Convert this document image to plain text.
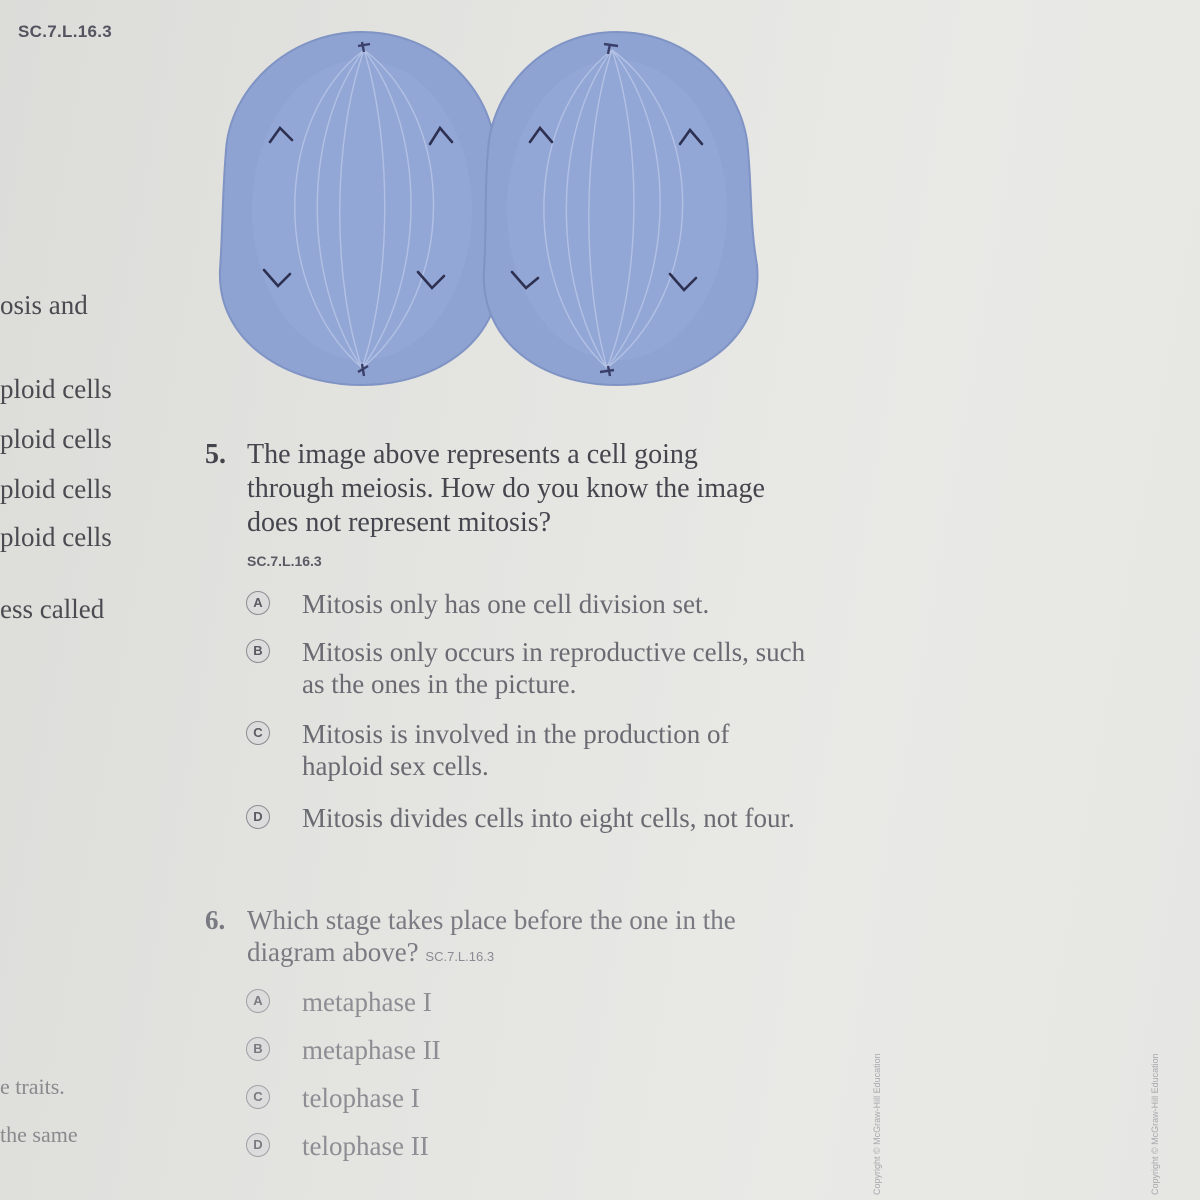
SC.7.L.16.3
osis and
ploid cells
ploid cells
ploid cells
ploid cells
ess called
e traits.
the same
5. The image above represents a cell going through meiosis. How do you know the image does not represent mitosis?
SC.7.L.16.3
A Mitosis only has one cell division set.
B Mitosis only occurs in reproductive cells, such as the ones in the picture.
C Mitosis is involved in the production of haploid sex cells.
D Mitosis divides cells into eight cells, not four.
6. Which stage takes place before the one in the diagram above? SC.7.L.16.3
A metaphase I
B metaphase II
C telophase I
D telophase II	Copyright © McGraw-Hill Education	Copyright © McGraw-Hill Education
